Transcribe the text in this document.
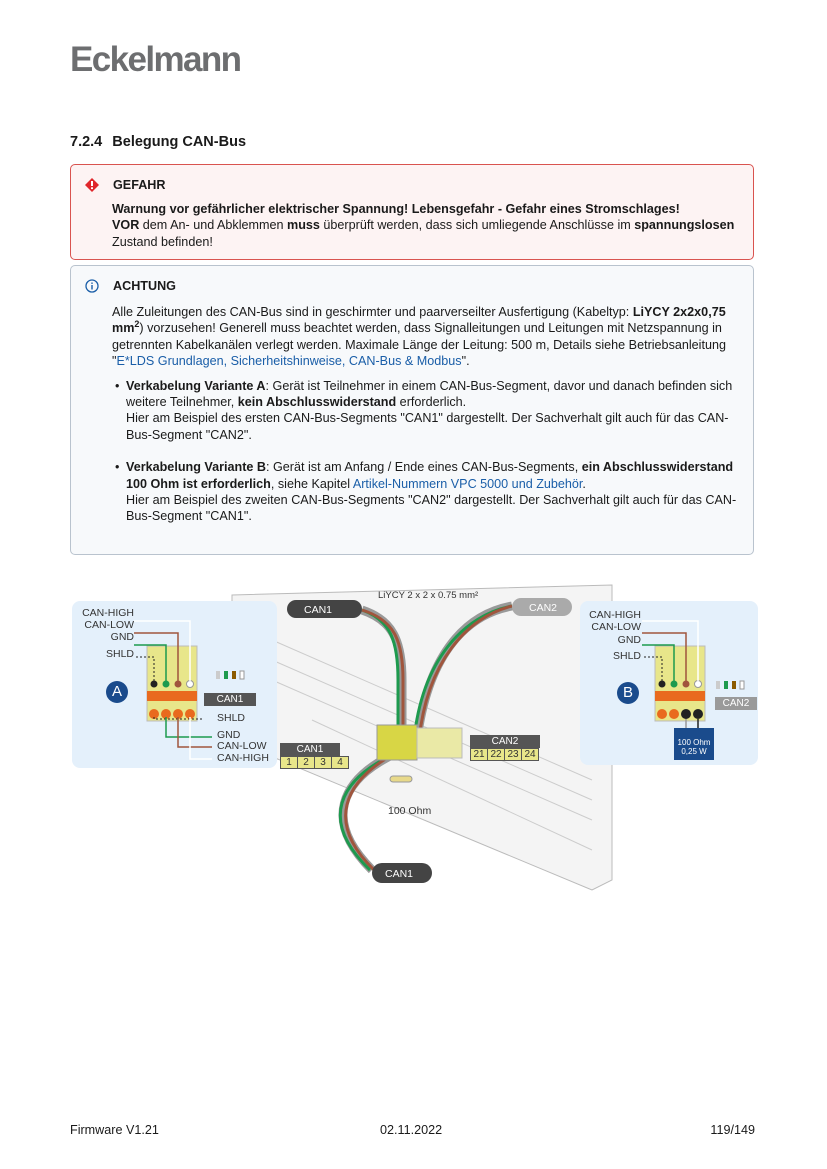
Eckelmann
7.2.4 Belegung CAN-Bus
GEFAHR
Warnung vor gefährlicher elektrischer Spannung! Lebensgefahr - Gefahr eines Stromschlages!
VOR dem An- und Abklemmen muss überprüft werden, dass sich umliegende Anschlüsse im spannungslosen Zustand befinden!
ACHTUNG
Alle Zuleitungen des CAN-Bus sind in geschirmter und paarverseilter Ausfertigung (Kabeltyp: LiYCY 2x2x0,75 $mm^2$) vorzusehen! Generell muss beachtet werden, dass Signalleitungen und Leitungen mit Netzspannung in getrennten Kabelkanälen verlegt werden. Maximale Länge der Leitung: 500 m, Details siehe Betriebsanleitung "E*LDS Grundlagen, Sicherheitshinweise, CAN-Bus & Modbus".
• Verkabelung Variante A: Gerät ist Teilnehmer in einem CAN-Bus-Segment, davor und danach befinden sich weitere Teilnehmer, kein Abschlusswiderstand erforderlich.
Hier am Beispiel des ersten CAN-Bus-Segments "CAN1" dargestellt. Der Sachverhalt gilt auch für das CAN-Bus-Segment "CAN2".
• Verkabelung Variante B: Gerät ist am Anfang / Ende eines CAN-Bus-Segments, ein Abschlusswiderstand 100 Ohm ist erforderlich, siehe Kapitel Artikel-Nummern VPC 5000 und Zubehör.
Hier am Beispiel des zweiten CAN-Bus-Segments "CAN2" dargestellt. Der Sachverhalt gilt auch für das CAN-Bus-Segment "CAN1".
LiYCY 2 x 2 x 0.75 mm²
CAN1	CAN2
CAN1
100 Ohm
CAN1
1	2	3	4
CAN2
21 22 23 24
CAN-HIGH
CAN-LOW
GND
SHLD
A	CAN1
SHLD
GND
CAN-LOW
CAN-HIGH
CAN-HIGH
CAN-LOW
GND
SHLD
B
CAN2
100 Ohm
0,25 W
Firmware V1.21	02.11.2022	119/149
